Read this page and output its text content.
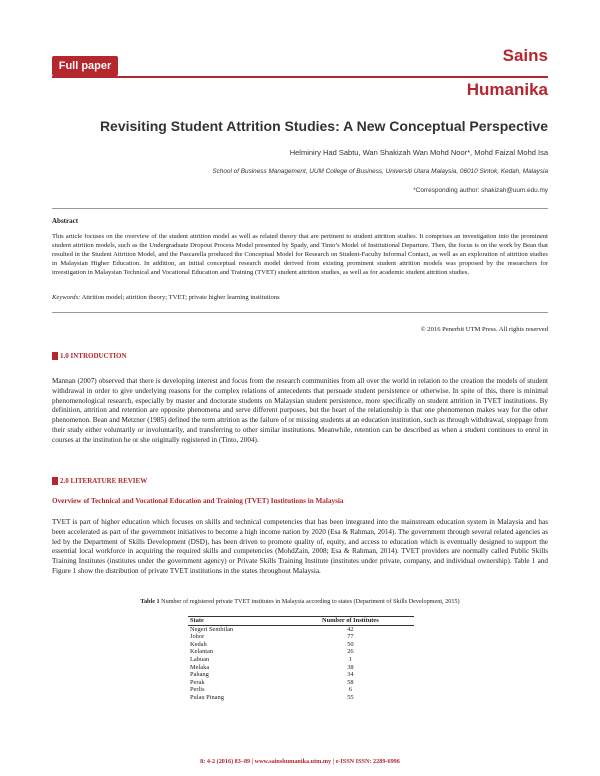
Full paper
Sains
Humanika
Revisiting Student Attrition Studies: A New Conceptual Perspective
Helminiry Had Sabtu, Wan Shakizah Wan Mohd Noor*, Mohd Faizal Mohd Isa
School of Business Management, UUM College of Business, Universiti Utara Malaysia, 06010 Sintok, Kedah, Malaysia
*Corresponding author: shakizah@uum.edu.my
Abstract
This article focuses on the overview of the student attrition model as well as related theory that are pertinent to student attrition studies. It comprises an investigation into the prominent student attrition models, such as the Undergraduate Dropout Process Model presented by Spady, and Tinto’s Model of Institutional Departure. Then, the focus is on the work by Bean that resulted in the Student Attrition Model, and the Pascarella produced the Conceptual Model for Research on Student-Faculty Informal Contact, as well as an exploration of attrition studies in Malaysian Higher Education. In addition, an initial conceptual research model derived from existing prominent student attrition models was proposed by the researchers for investigation in Malaysian Technical and Vocational Education and Training (TVET) student attrition studies, as well as for academic student attrition studies.
Keywords: Attrition model; attrition theory; TVET; private higher learning institutions
© 2016 Penerbit UTM Press. All rights reserved
1.0 INTRODUCTION
Mannan (2007) observed that there is developing interest and focus from the research communities from all over the world in relation to the creation the models of student withdrawal in order to give underlying reasons for the complex relations of antecedents that persuade student persistence or otherwise. In spite of this, there is minimal phenomenological research, especially by master and doctorate students on Malaysian student persistence, more specifically on student attrition in TVET institutions. By definition, attrition and retention are opposite phenomena and serve different purposes, but the heart of the relationship is that one phenomenon makes way for the other phenomenon. Bean and Metzner (1985) defined the term attrition as the failure of or missing students at an education institution, such as through withdrawal, stoppage from their study either voluntarily or involuntarily, and transferring to other similar institutions. Meanwhile, retention can be described as when a student continues to enrol in courses at the institution he or she originally registered in (Tinto, 2004).
2.0 LITERATURE REVIEW
Overview of Technical and Vocational Education and Training (TVET) Institutions in Malaysia
TVET is part of higher education which focuses on skills and technical competencies that has been integrated into the mainstream education system in Malaysia and has been accelerated as part of the government initiatives to become a high income nation by 2020 (Esa & Rahman, 2014). The government through several related agencies as led by the Department of Skills Development (DSD), has been driven to promote quality of, equity, and access to education which is eventually designed to support the essential local workforce in acquiring the required skills and competencies (MohdZain, 2008; Esa & Rahman, 2014). TVET providers are normally called Public Skills Training Institutes (institutes under the government agency) or Private Skills Training Institute (institutes under private, company, and individual ownership). Table 1 and Figure 1 show the distribution of private TVET institutions in the states throughout Malaysia.
Table 1 Number of registered private TVET institutes in Malaysia according to states (Department of Skills Development, 2015)
State	Number of Institutes
Negeri Sembilan	42
Johor	77
Kedah	50
Kelantan	26
Labuan	1
Melaka	38
Pahang	34
Perak	58
Perlis	6
Pulau Pinang	55
8: 4-2 (2016) 83–89 | www.sainshumanika.utm.my | e-ISSN ISSN: 2289-6996
